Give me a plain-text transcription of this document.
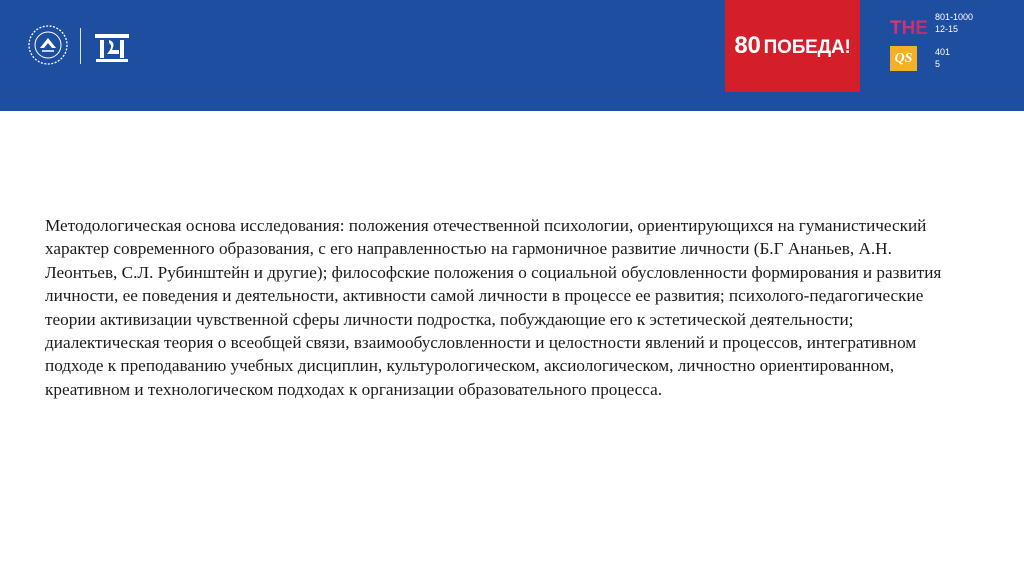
80 ПОБЕДА!
THE
801-1000
12-15
QS	401
5

Методологическая основа исследования: положения отечественной психологии, ориентирующихся на гуманистический характер современного образования, с его направленностью на гармоничное развитие личности (Б.Г Ананьев, А.Н. Леонтьев, С.Л. Рубинштейн и другие); философские положения о социальной обусловленности формирования и развития личности, ее поведения и деятельности, активности самой личности в процессе ее развития; психолого-педагогические теории активизации чувственной сферы личности подростка, побуждающие его к эстетической деятельности; диалектическая теория о всеобщей связи, взаимообусловленности и целостности явлений и процессов, интегративном подходе к преподаванию учебных дисциплин, культурологическом, аксиологическом, личностно ориентированном, креативном и технологическом подходах к организации образовательного процесса.
